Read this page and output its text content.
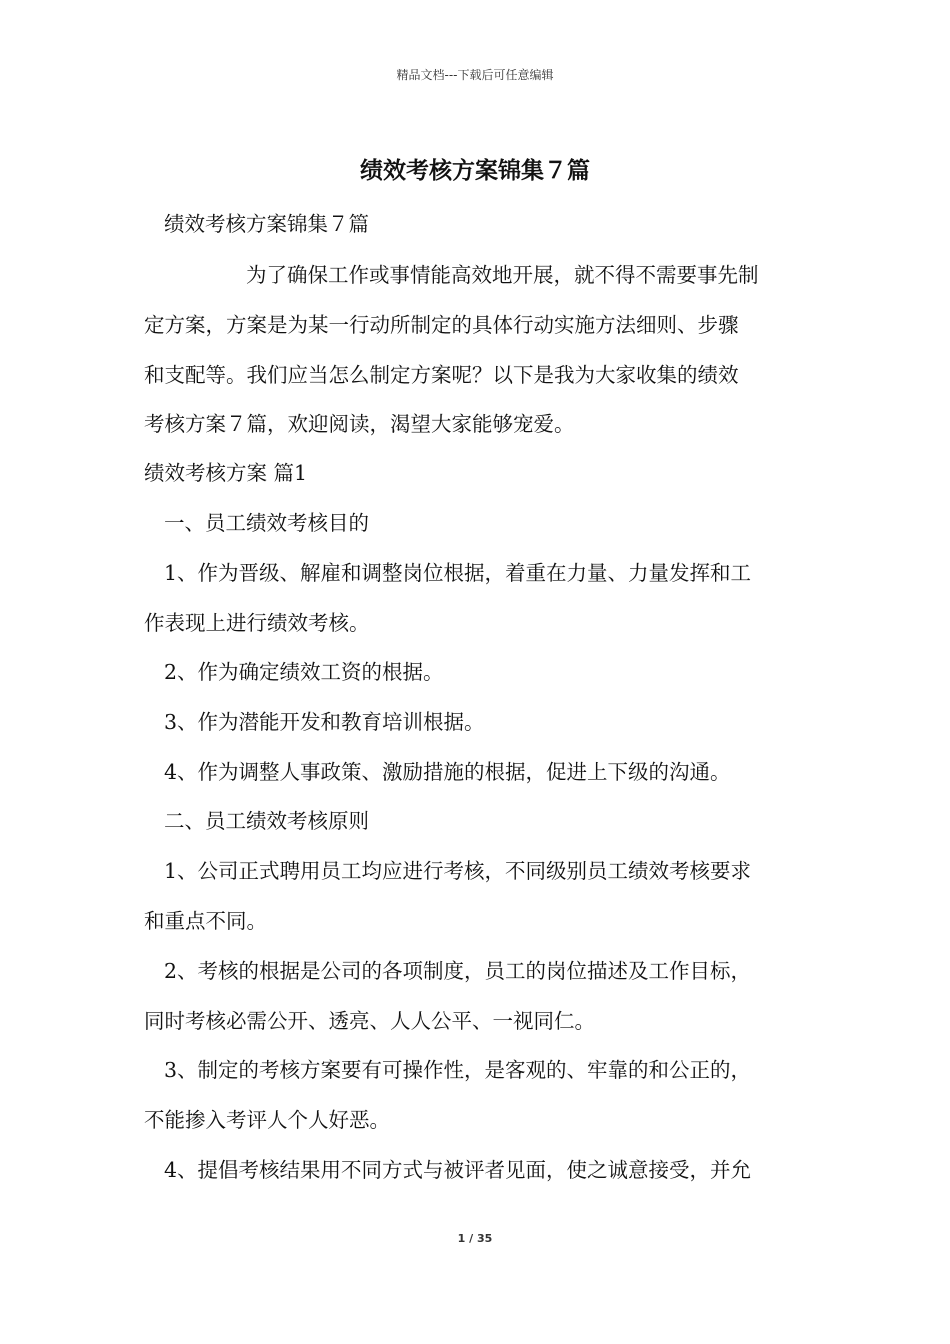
精品文档---下载后可任意编辑
绩效考核方案锦集７篇
绩效考核方案锦集７篇
为了确保工作或事情能高效地开展，就不得不需要事先制
定方案，方案是为某一行动所制定的具体行动实施方法细则、步骤
和支配等。我们应当怎么制定方案呢？以下是我为大家收集的绩效
考核方案７篇，欢迎阅读，渴望大家能够宠爱。
绩效考核方案 篇1
一、员工绩效考核目的
1、作为晋级、解雇和调整岗位根据，着重在力量、力量发挥和工
作表现上进行绩效考核。
2、作为确定绩效工资的根据。
3、作为潜能开发和教育培训根据。
4、作为调整人事政策、激励措施的根据，促进上下级的沟通。
二、员工绩效考核原则
1、公司正式聘用员工均应进行考核，不同级别员工绩效考核要求
和重点不同。
2、考核的根据是公司的各项制度，员工的岗位描述及工作目标，
同时考核必需公开、透亮、人人公平、一视同仁。
3、制定的考核方案要有可操作性，是客观的、牢靠的和公正的，
不能掺入考评人个人好恶。
4、提倡考核结果用不同方式与被评者见面，使之诚意接受，并允
1 / 35
